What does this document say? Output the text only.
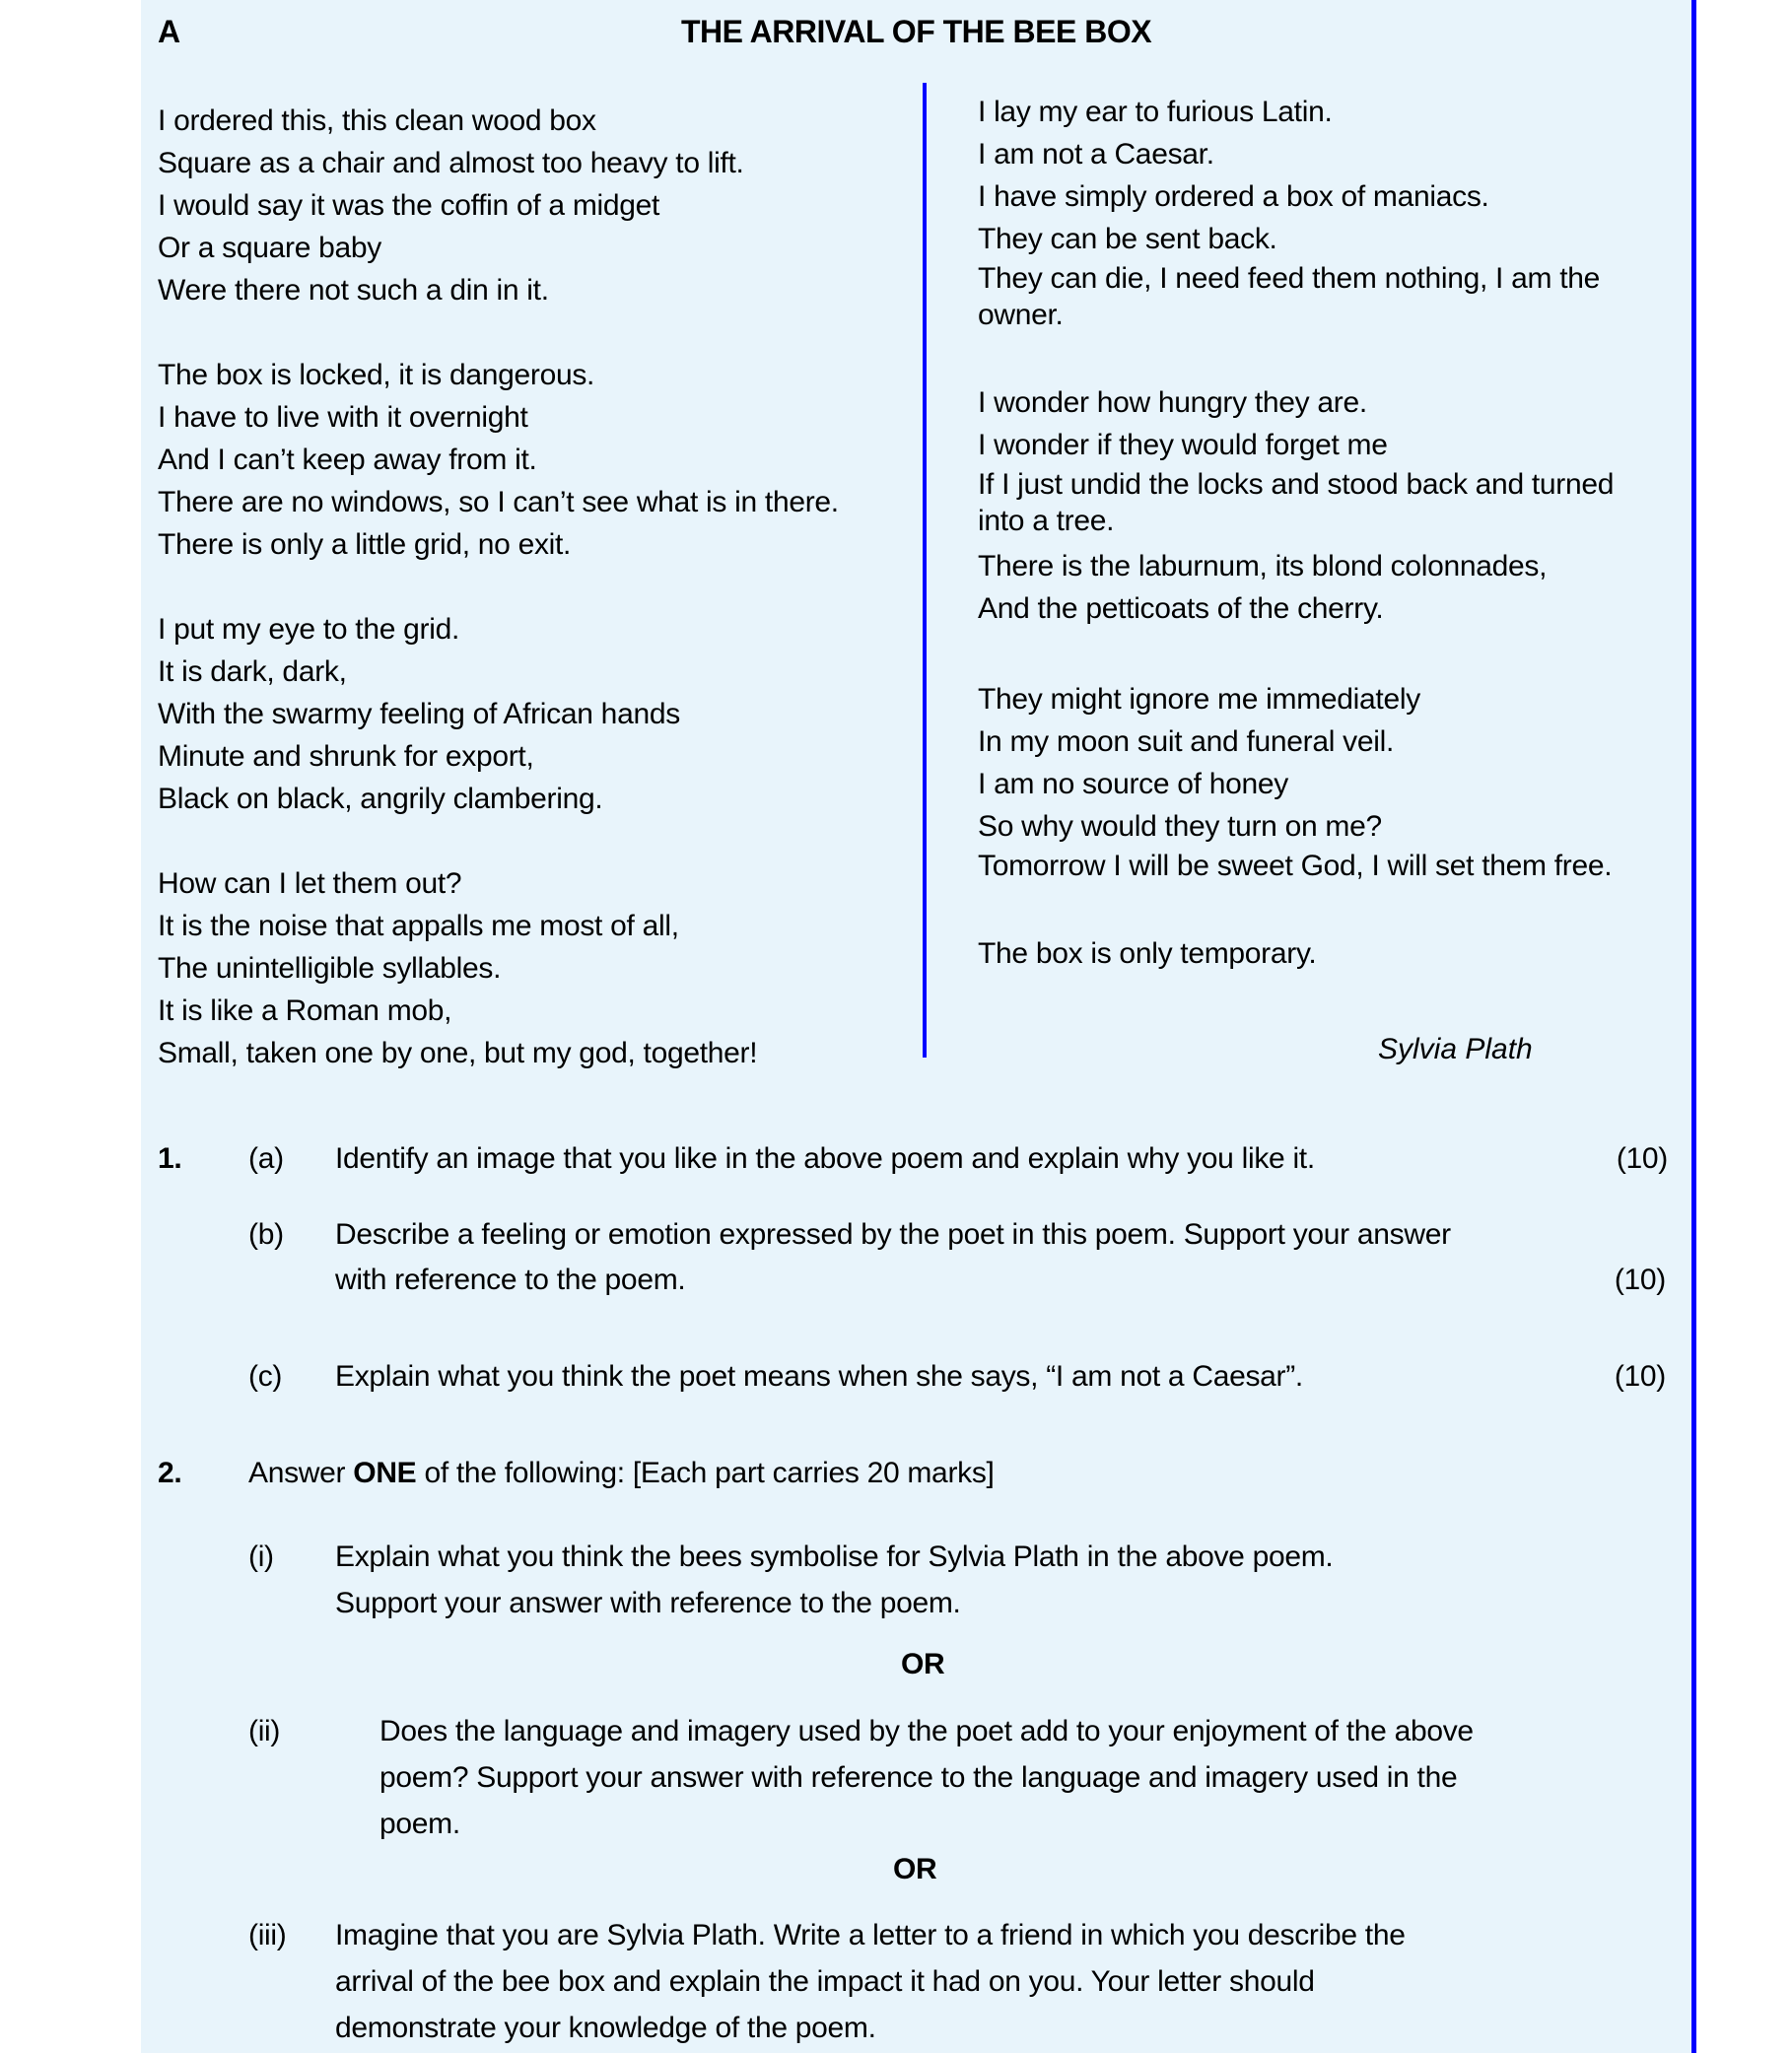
A	THE ARRIVAL OF THE BEE BOX
I ordered this, this clean wood box
Square as a chair and almost too heavy to lift.
I would say it was the coffin of a midget
Or a square baby
Were there not such a din in it.
The box is locked, it is dangerous.
I have to live with it overnight
And I can’t keep away from it.
There are no windows, so I can’t see what is in there.
There is only a little grid, no exit.
I put my eye to the grid.
It is dark, dark,
With the swarmy feeling of African hands
Minute and shrunk for export,
Black on black, angrily clambering.
How can I let them out?
It is the noise that appalls me most of all,
The unintelligible syllables.
It is like a Roman mob,
Small, taken one by one, but my god, together!
I lay my ear to furious Latin.
I am not a Caesar.
I have simply ordered a box of maniacs.
They can be sent back.
They can die, I need feed them nothing, I am the owner.
I wonder how hungry they are.
I wonder if they would forget me
If I just undid the locks and stood back and turned into a tree.
There is the laburnum, its blond colonnades,
And the petticoats of the cherry.
They might ignore me immediately
In my moon suit and funeral veil.
I am no source of honey
So why would they turn on me?
Tomorrow I will be sweet God, I will set them free.
The box is only temporary.
Sylvia Plath
1. (a) Identify an image that you like in the above poem and explain why you like it.	(10)
(b) Describe a feeling or emotion expressed by the poet in this poem. Support your answer
with reference to the poem.	(10)
(c) Explain what you think the poet means when she says, “I am not a Caesar”.	(10)
2. Answer ONE of the following: [Each part carries 20 marks]
(i) Explain what you think the bees symbolise for Sylvia Plath in the above poem.
Support your answer with reference to the poem.
OR
(ii)	Does the language and imagery used by the poet add to your enjoyment of the above
poem? Support your answer with reference to the language and imagery used in the
poem.
OR
(iii) Imagine that you are Sylvia Plath. Write a letter to a friend in which you describe the
arrival of the bee box and explain the impact it had on you. Your letter should
demonstrate your knowledge of the poem.
